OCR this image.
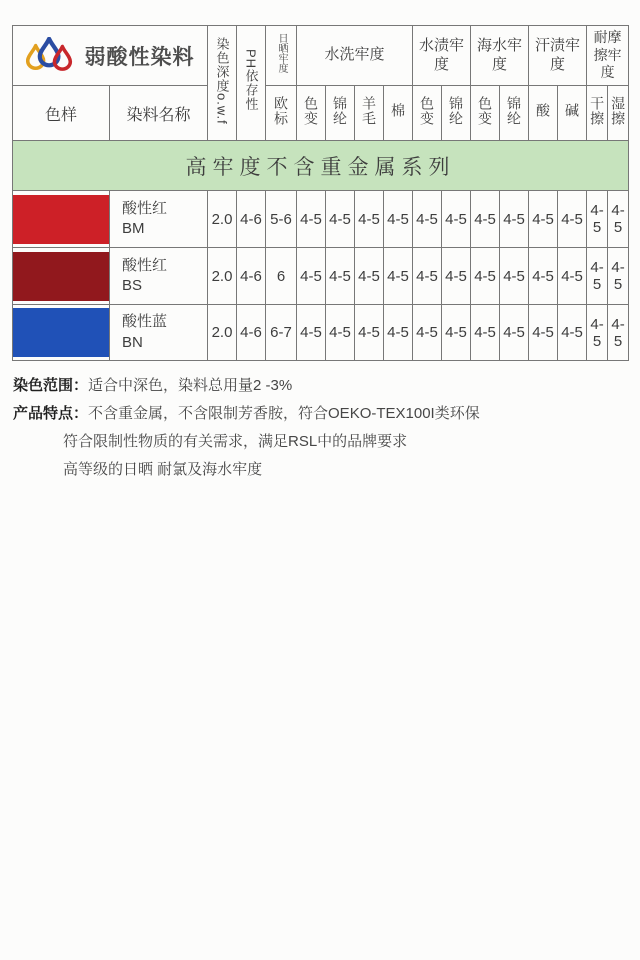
弱酸性染料		染色深度o.w.f	PH依存性	日晒牢度	水洗牢度				水渍牢度		海水牢度		汗渍牢度		耐摩擦牢度	
色样	染料名称			欧标	色变	锦纶	羊毛	棉	色变	锦纶	色变	锦纶	酸	碱	干擦	湿擦
高牢度不含重金属系列																

	酸性红
BM	2.0	4-6	5-6	4-5	4-5	4-5	4-5	4-5	4-5	4-5	4-5	4-5	4-5	4-5	4-5

	酸性红
BS	2.0	4-6	6	4-5	4-5	4-5	4-5	4-5	4-5	4-5	4-5	4-5	4-5	4-5	4-5

	酸性蓝
BN	2.0	4-6	6-7	4-5	4-5	4-5	4-5	4-5	4-5	4-5	4-5	4-5	4-5	4-5	4-5
染色范围：适合中深色，染料总用量2 -3%
产品特点：不含重金属，不含限制芳香胺，符合OEKO-TEX100I类环保
符合限制性物质的有关需求，满足RSL中的品牌要求
高等级的日晒 耐氯及海水牢度
